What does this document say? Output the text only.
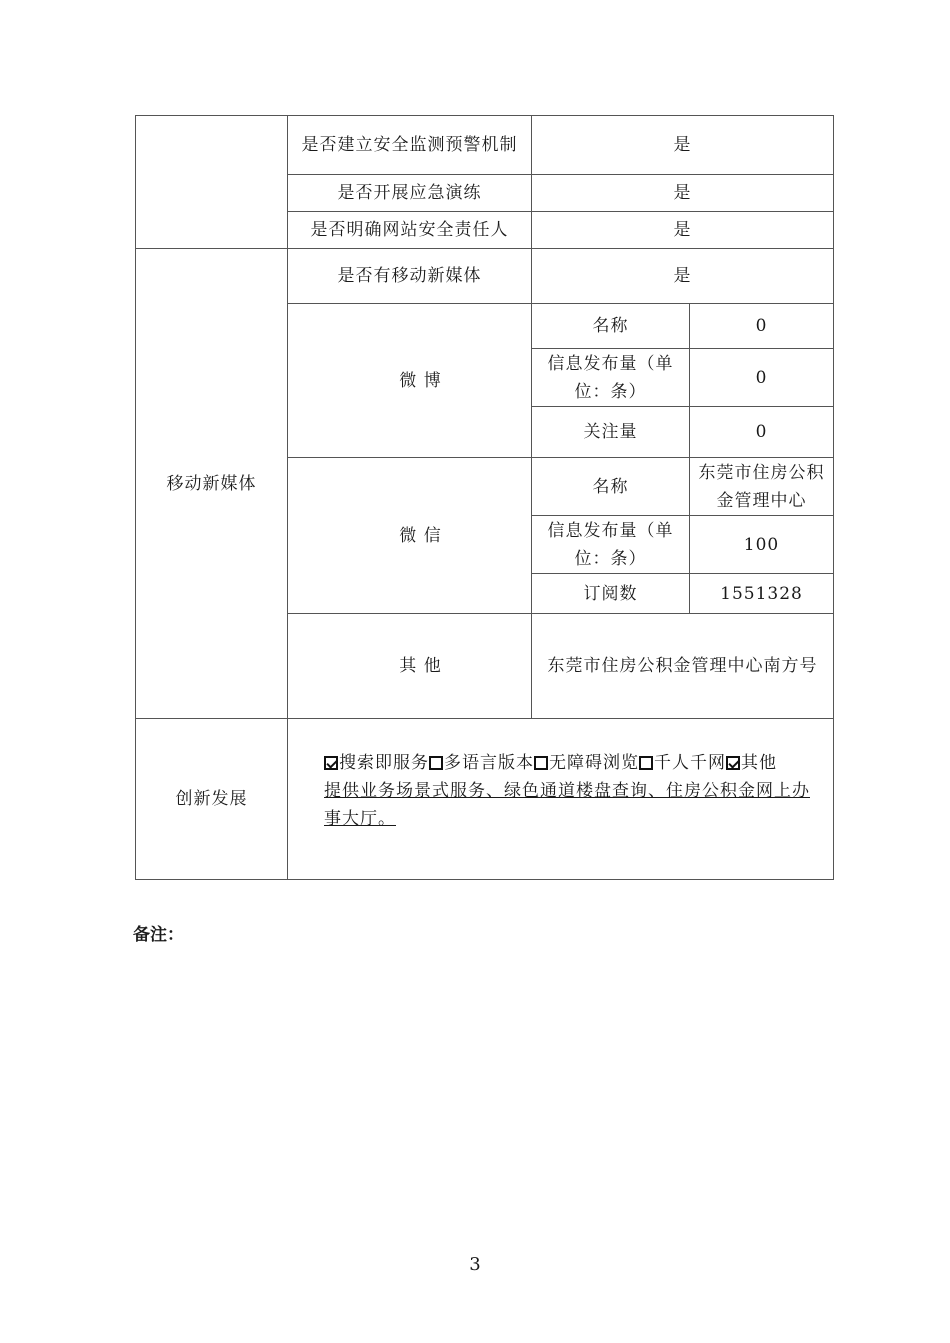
	是否建立安全监测预警机制	是	
	是否开展应急演练	是	
	是否明确网站安全责任人	是	
移动新媒体	是否有移动新媒体	是	
	微 博	名称	0
		信息发布量（单位：条）	0
		关注量	0
	微 信	名称	东莞市住房公积金管理中心
		信息发布量（单位：条）	100
		订阅数	1551328
	其 他	东莞市住房公积金管理中心南方号	
创新发展	搜索即服务 多语言版本 无障碍浏览 千人千网 其他
提供业务场景式服务、绿色通道楼盘查询、住房公积金网上办事大厅。		
备注：
3
